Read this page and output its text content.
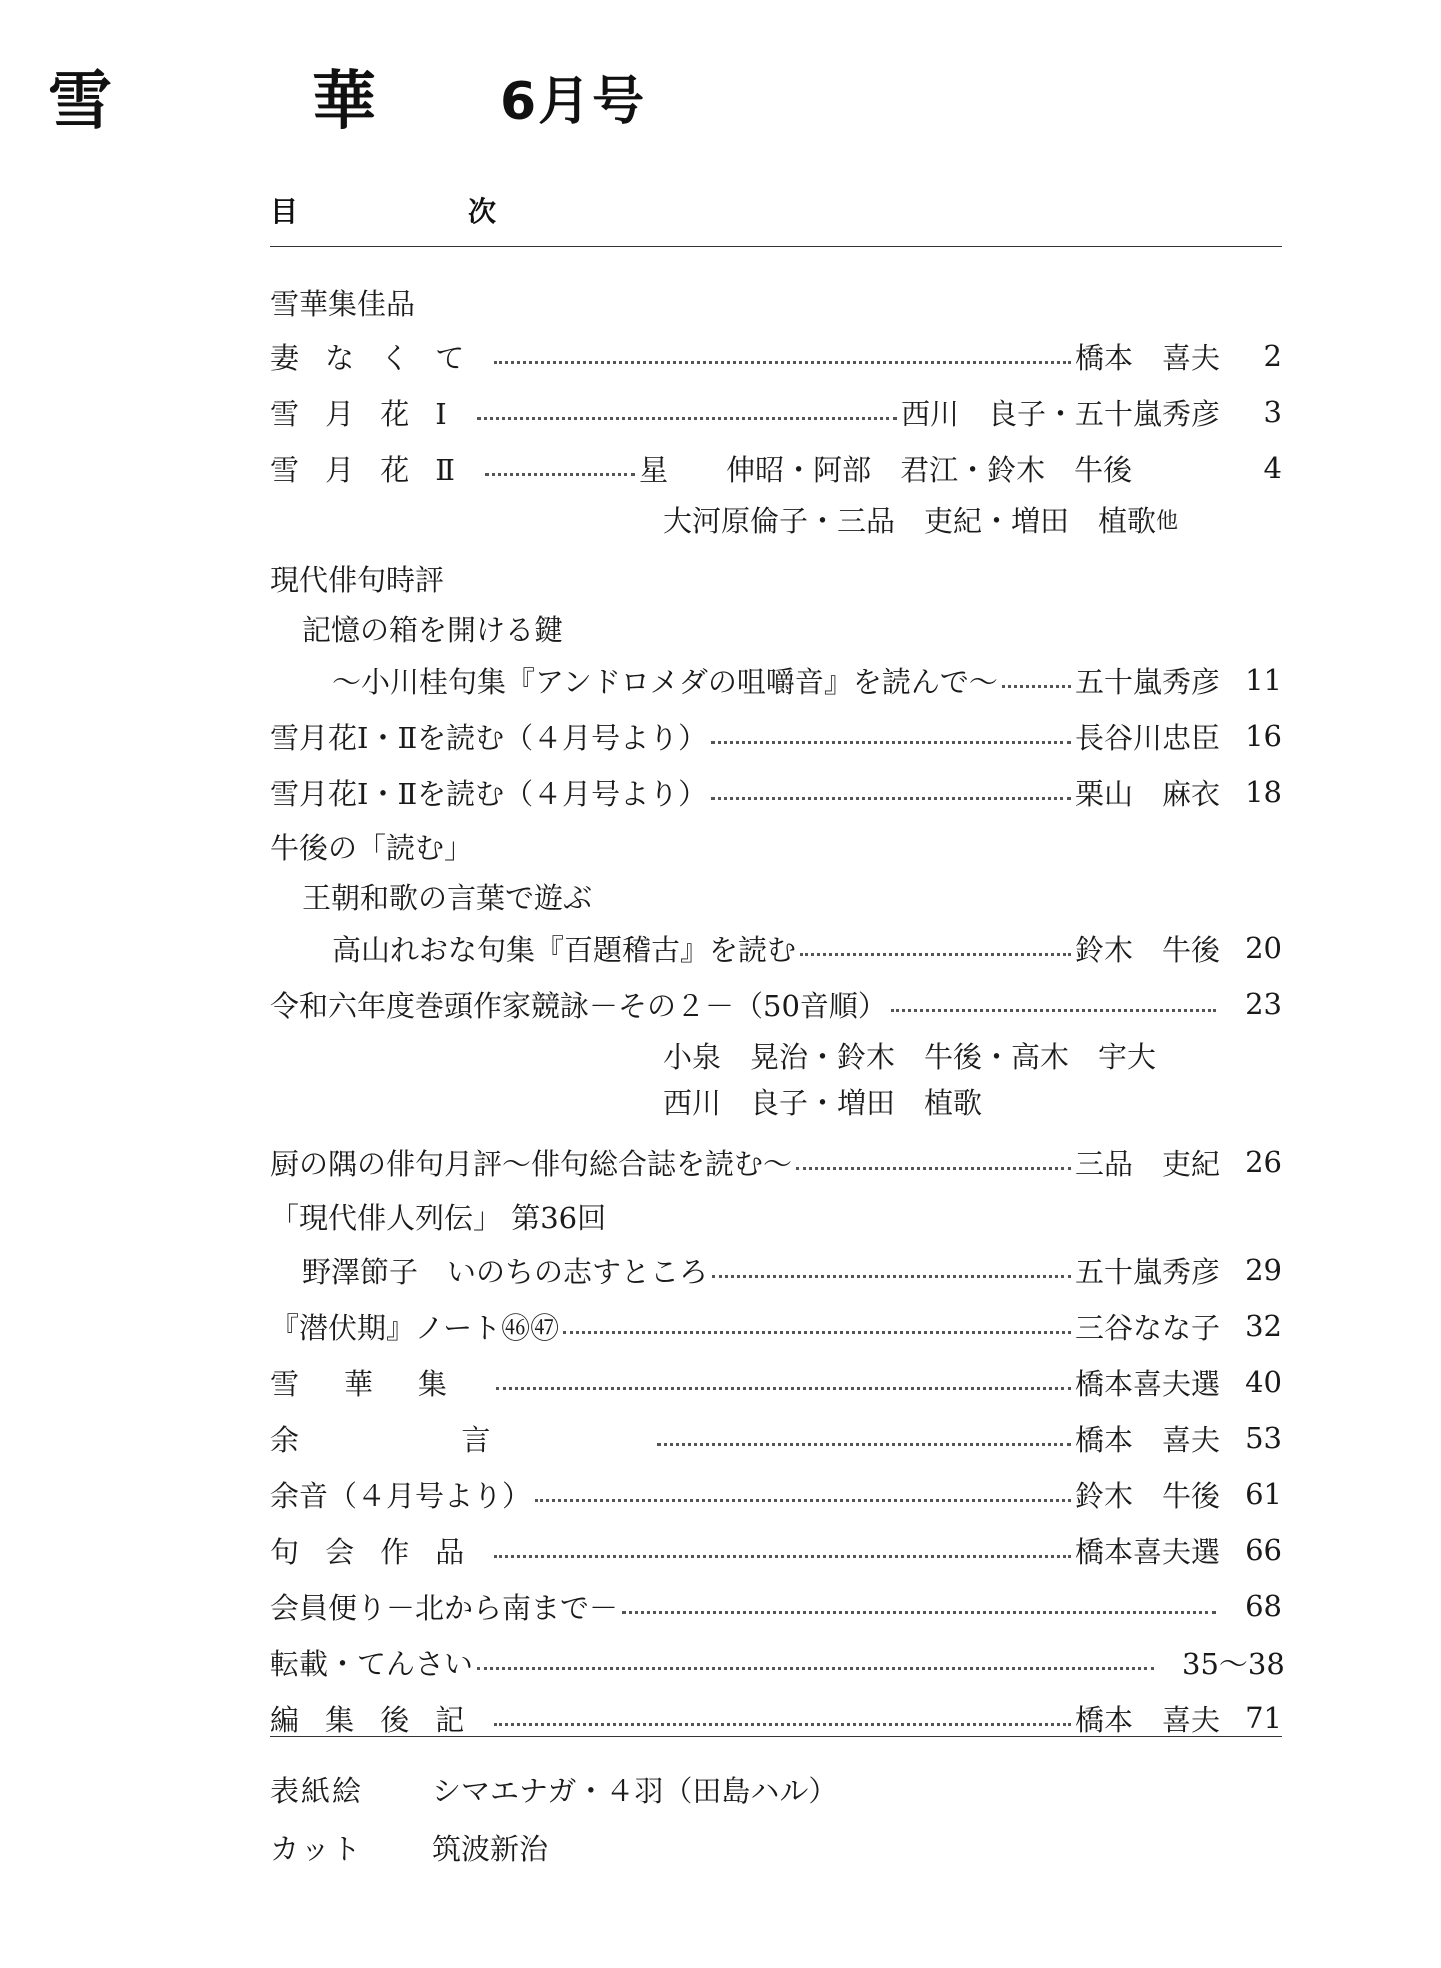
雪　華 6月号
目次
雪華集佳品
妻なくて	橋本　喜夫	2
雪月花Ⅰ	西川　良子・五十嵐秀彦	3
雪月花Ⅱ	星　　伸昭・阿部　君江・鈴木　牛後	4
大河原倫子・三品　吏紀・増田　植歌 他
現代俳句時評
記憶の箱を開ける鍵
～小川桂句集『アンドロメダの咀嚼音』を読んで～	五十嵐秀彦 11
雪月花Ⅰ・Ⅱを読む（４月号より）	長谷川忠臣 16
雪月花Ⅰ・Ⅱを読む（４月号より）	栗山　麻衣 18
牛後の「読む」
王朝和歌の言葉で遊ぶ
高山れおな句集『百題稽古』を読む	鈴木　牛後 20
令和六年度巻頭作家競詠－その２－（50音順）	23
小泉　晃治・鈴木　牛後・高木　宇大
西川　良子・増田　植歌
厨の隅の俳句月評～俳句総合誌を読む～	三品　吏紀 26
「現代俳人列伝」 第36回
野澤節子　いのちの志すところ	五十嵐秀彦 29
『潜伏期』ノート㊻㊼	三谷なな子 32
雪華集	橋本喜夫選 40
余言	橋本　喜夫 53
余音（４月号より）	鈴木　牛後 61
句会作品	橋本喜夫選 66
会員便り－北から南まで－	68
転載・てんさい	35～38
編集後記	橋本　喜夫 71
表紙絵	シマエナガ・４羽（田島ハル）
カット	筑波新治
